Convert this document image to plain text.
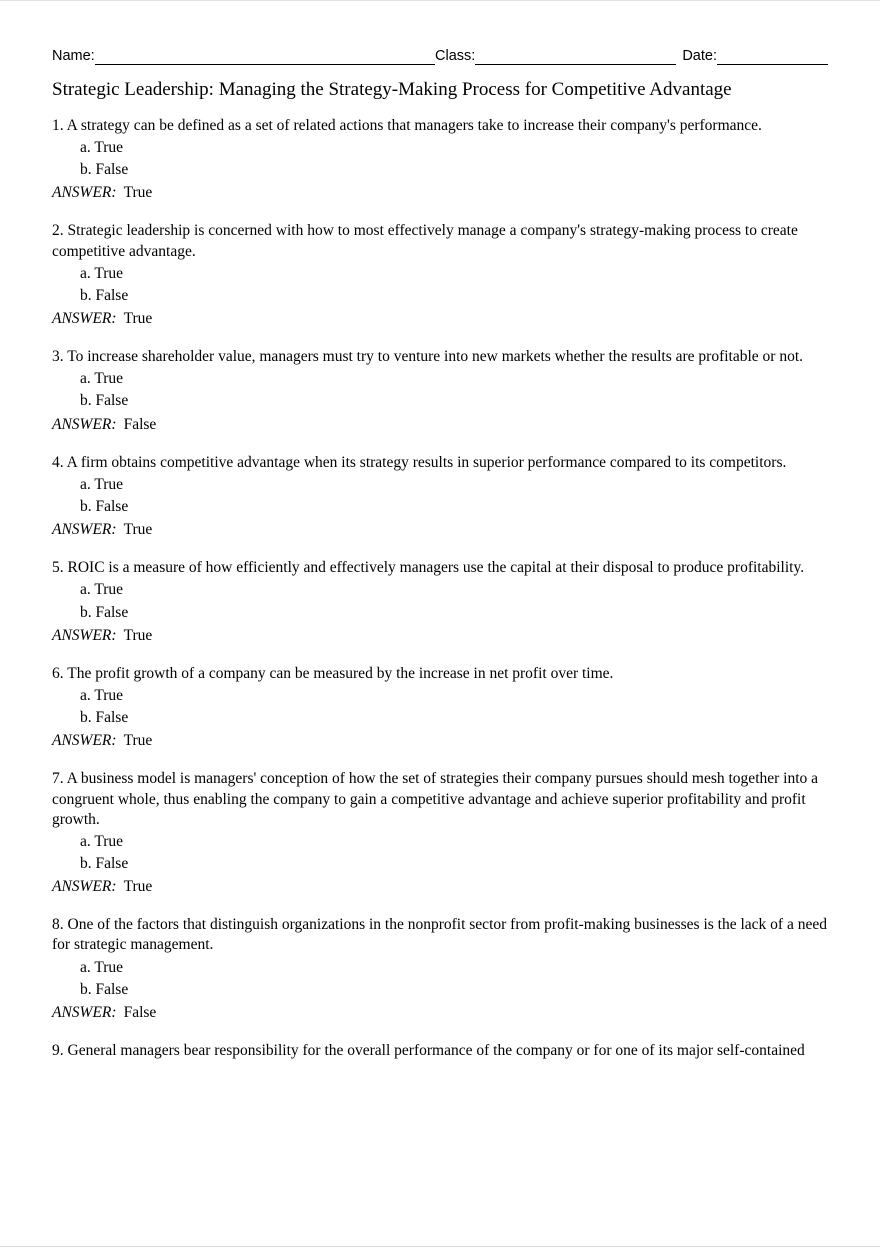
Name:	Class:	Date:
Strategic Leadership: Managing the Strategy-Making Process for Competitive Advantage

1. A strategy can be defined as a set of related actions that managers take to increase their company's performance.

a. True

b. False

ANSWER: True

2. Strategic leadership is concerned with how to most effectively manage a company's strategy-making process to create competitive advantage.

a. True

b. False

ANSWER: True

3. To increase shareholder value, managers must try to venture into new markets whether the results are profitable or not.

a. True

b. False

ANSWER: False

4. A firm obtains competitive advantage when its strategy results in superior performance compared to its competitors.

a. True

b. False

ANSWER: True

5. ROIC is a measure of how efficiently and effectively managers use the capital at their disposal to produce profitability.

a. True

b. False

ANSWER: True

6. The profit growth of a company can be measured by the increase in net profit over time.

a. True

b. False

ANSWER: True

7. A business model is managers' conception of how the set of strategies their company pursues should mesh together into a congruent whole, thus enabling the company to gain a competitive advantage and achieve superior profitability and profit growth.

a. True

b. False

ANSWER: True

8. One of the factors that distinguish organizations in the nonprofit sector from profit-making businesses is the lack of a need for strategic management.

a. True

b. False

ANSWER: False

9. General managers bear responsibility for the overall performance of the company or for one of its major self-contained
